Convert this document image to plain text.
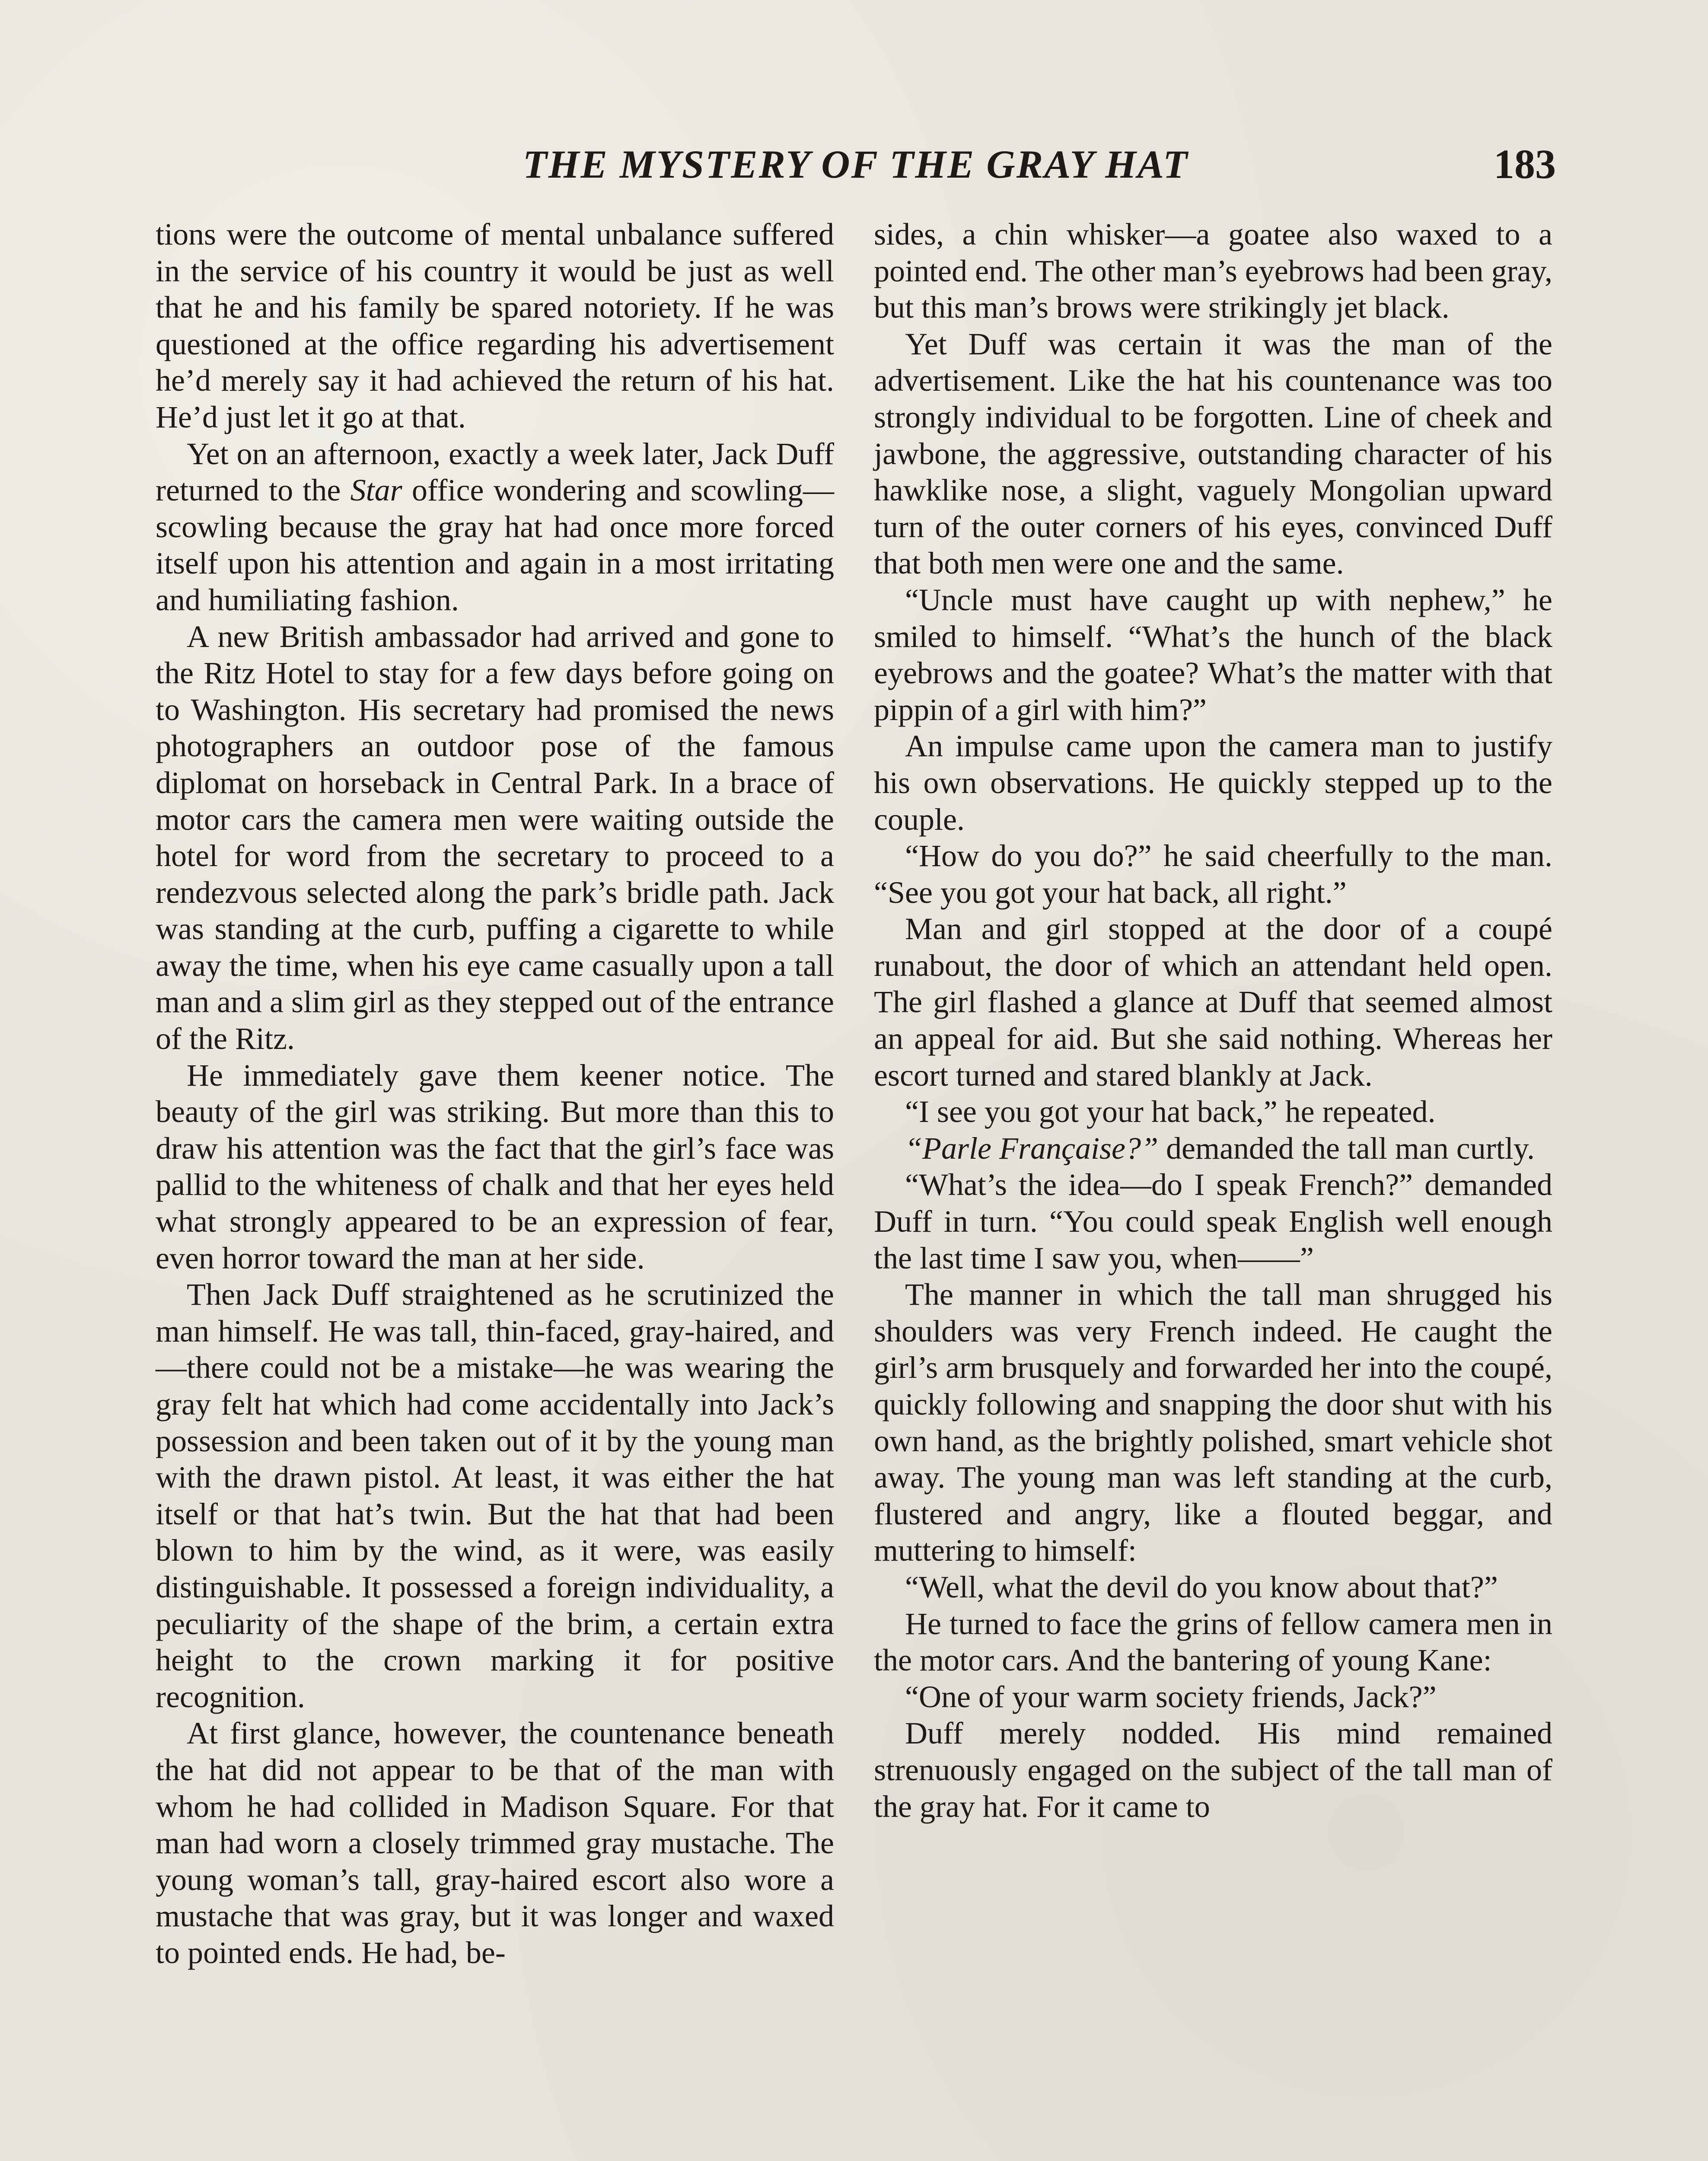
THE MYSTERY OF THE GRAY HAT	183

tions were the outcome of mental unbalance suffered in the service of his country it would be just as well that he and his family be spared notoriety. If he was questioned at the office regarding his advertisement he’d merely say it had achieved the return of his hat. He’d just let it go at that.

Yet on an afternoon, exactly a week later, Jack Duff returned to the Star office wondering and scowling—scowling because the gray hat had once more forced itself upon his attention and again in a most irritating and humiliating fashion.

A new British ambassador had arrived and gone to the Ritz Hotel to stay for a few days before going on to Washington. His secretary had promised the news photographers an outdoor pose of the famous diplomat on horseback in Central Park. In a brace of motor cars the camera men were waiting outside the hotel for word from the secretary to proceed to a rendezvous selected along the park’s bridle path. Jack was standing at the curb, puffing a cigarette to while away the time, when his eye came casually upon a tall man and a slim girl as they stepped out of the entrance of the Ritz.

He immediately gave them keener notice. The beauty of the girl was striking. But more than this to draw his attention was the fact that the girl’s face was pallid to the whiteness of chalk and that her eyes held what strongly appeared to be an expression of fear, even horror toward the man at her side.

Then Jack Duff straightened as he scrutinized the man himself. He was tall, thin-faced, gray-haired, and—there could not be a mistake—he was wearing the gray felt hat which had come accidentally into Jack’s possession and been taken out of it by the young man with the drawn pistol. At least, it was either the hat itself or that hat’s twin. But the hat that had been blown to him by the wind, as it were, was easily distinguishable. It possessed a foreign individuality, a peculiarity of the shape of the brim, a certain extra height to the crown marking it for positive recognition.

At first glance, however, the countenance beneath the hat did not appear to be that of the man with whom he had collided in Madison Square. For that man had worn a closely trimmed gray mustache. The young woman’s tall, gray-haired escort also wore a mustache that was gray, but it was longer and waxed to pointed ends. He had, be-

sides, a chin whisker—a goatee also waxed to a pointed end. The other man’s eyebrows had been gray, but this man’s brows were strikingly jet black.

Yet Duff was certain it was the man of the advertisement. Like the hat his countenance was too strongly individual to be forgotten. Line of cheek and jawbone, the aggressive, outstanding character of his hawklike nose, a slight, vaguely Mongolian upward turn of the outer corners of his eyes, convinced Duff that both men were one and the same.

“Uncle must have caught up with nephew,” he smiled to himself. “What’s the hunch of the black eyebrows and the goatee? What’s the matter with that pippin of a girl with him?”

An impulse came upon the camera man to justify his own observations. He quickly stepped up to the couple.

“How do you do?” he said cheerfully to the man. “See you got your hat back, all right.”

Man and girl stopped at the door of a coupé runabout, the door of which an attendant held open. The girl flashed a glance at Duff that seemed almost an appeal for aid. But she said nothing. Whereas her escort turned and stared blankly at Jack.

“I see you got your hat back,” he repeated.

“Parle Française?” demanded the tall man curtly.

“What’s the idea—do I speak French?” demanded Duff in turn. “You could speak English well enough the last time I saw you, when——”

The manner in which the tall man shrugged his shoulders was very French indeed. He caught the girl’s arm brusquely and forwarded her into the coupé, quickly following and snapping the door shut with his own hand, as the brightly polished, smart vehicle shot away. The young man was left standing at the curb, flustered and angry, like a flouted beggar, and muttering to himself:

“Well, what the devil do you know about that?”

He turned to face the grins of fellow camera men in the motor cars. And the bantering of young Kane:

“One of your warm society friends, Jack?”

Duff merely nodded. His mind remained strenuously engaged on the subject of the tall man of the gray hat. For it came to
